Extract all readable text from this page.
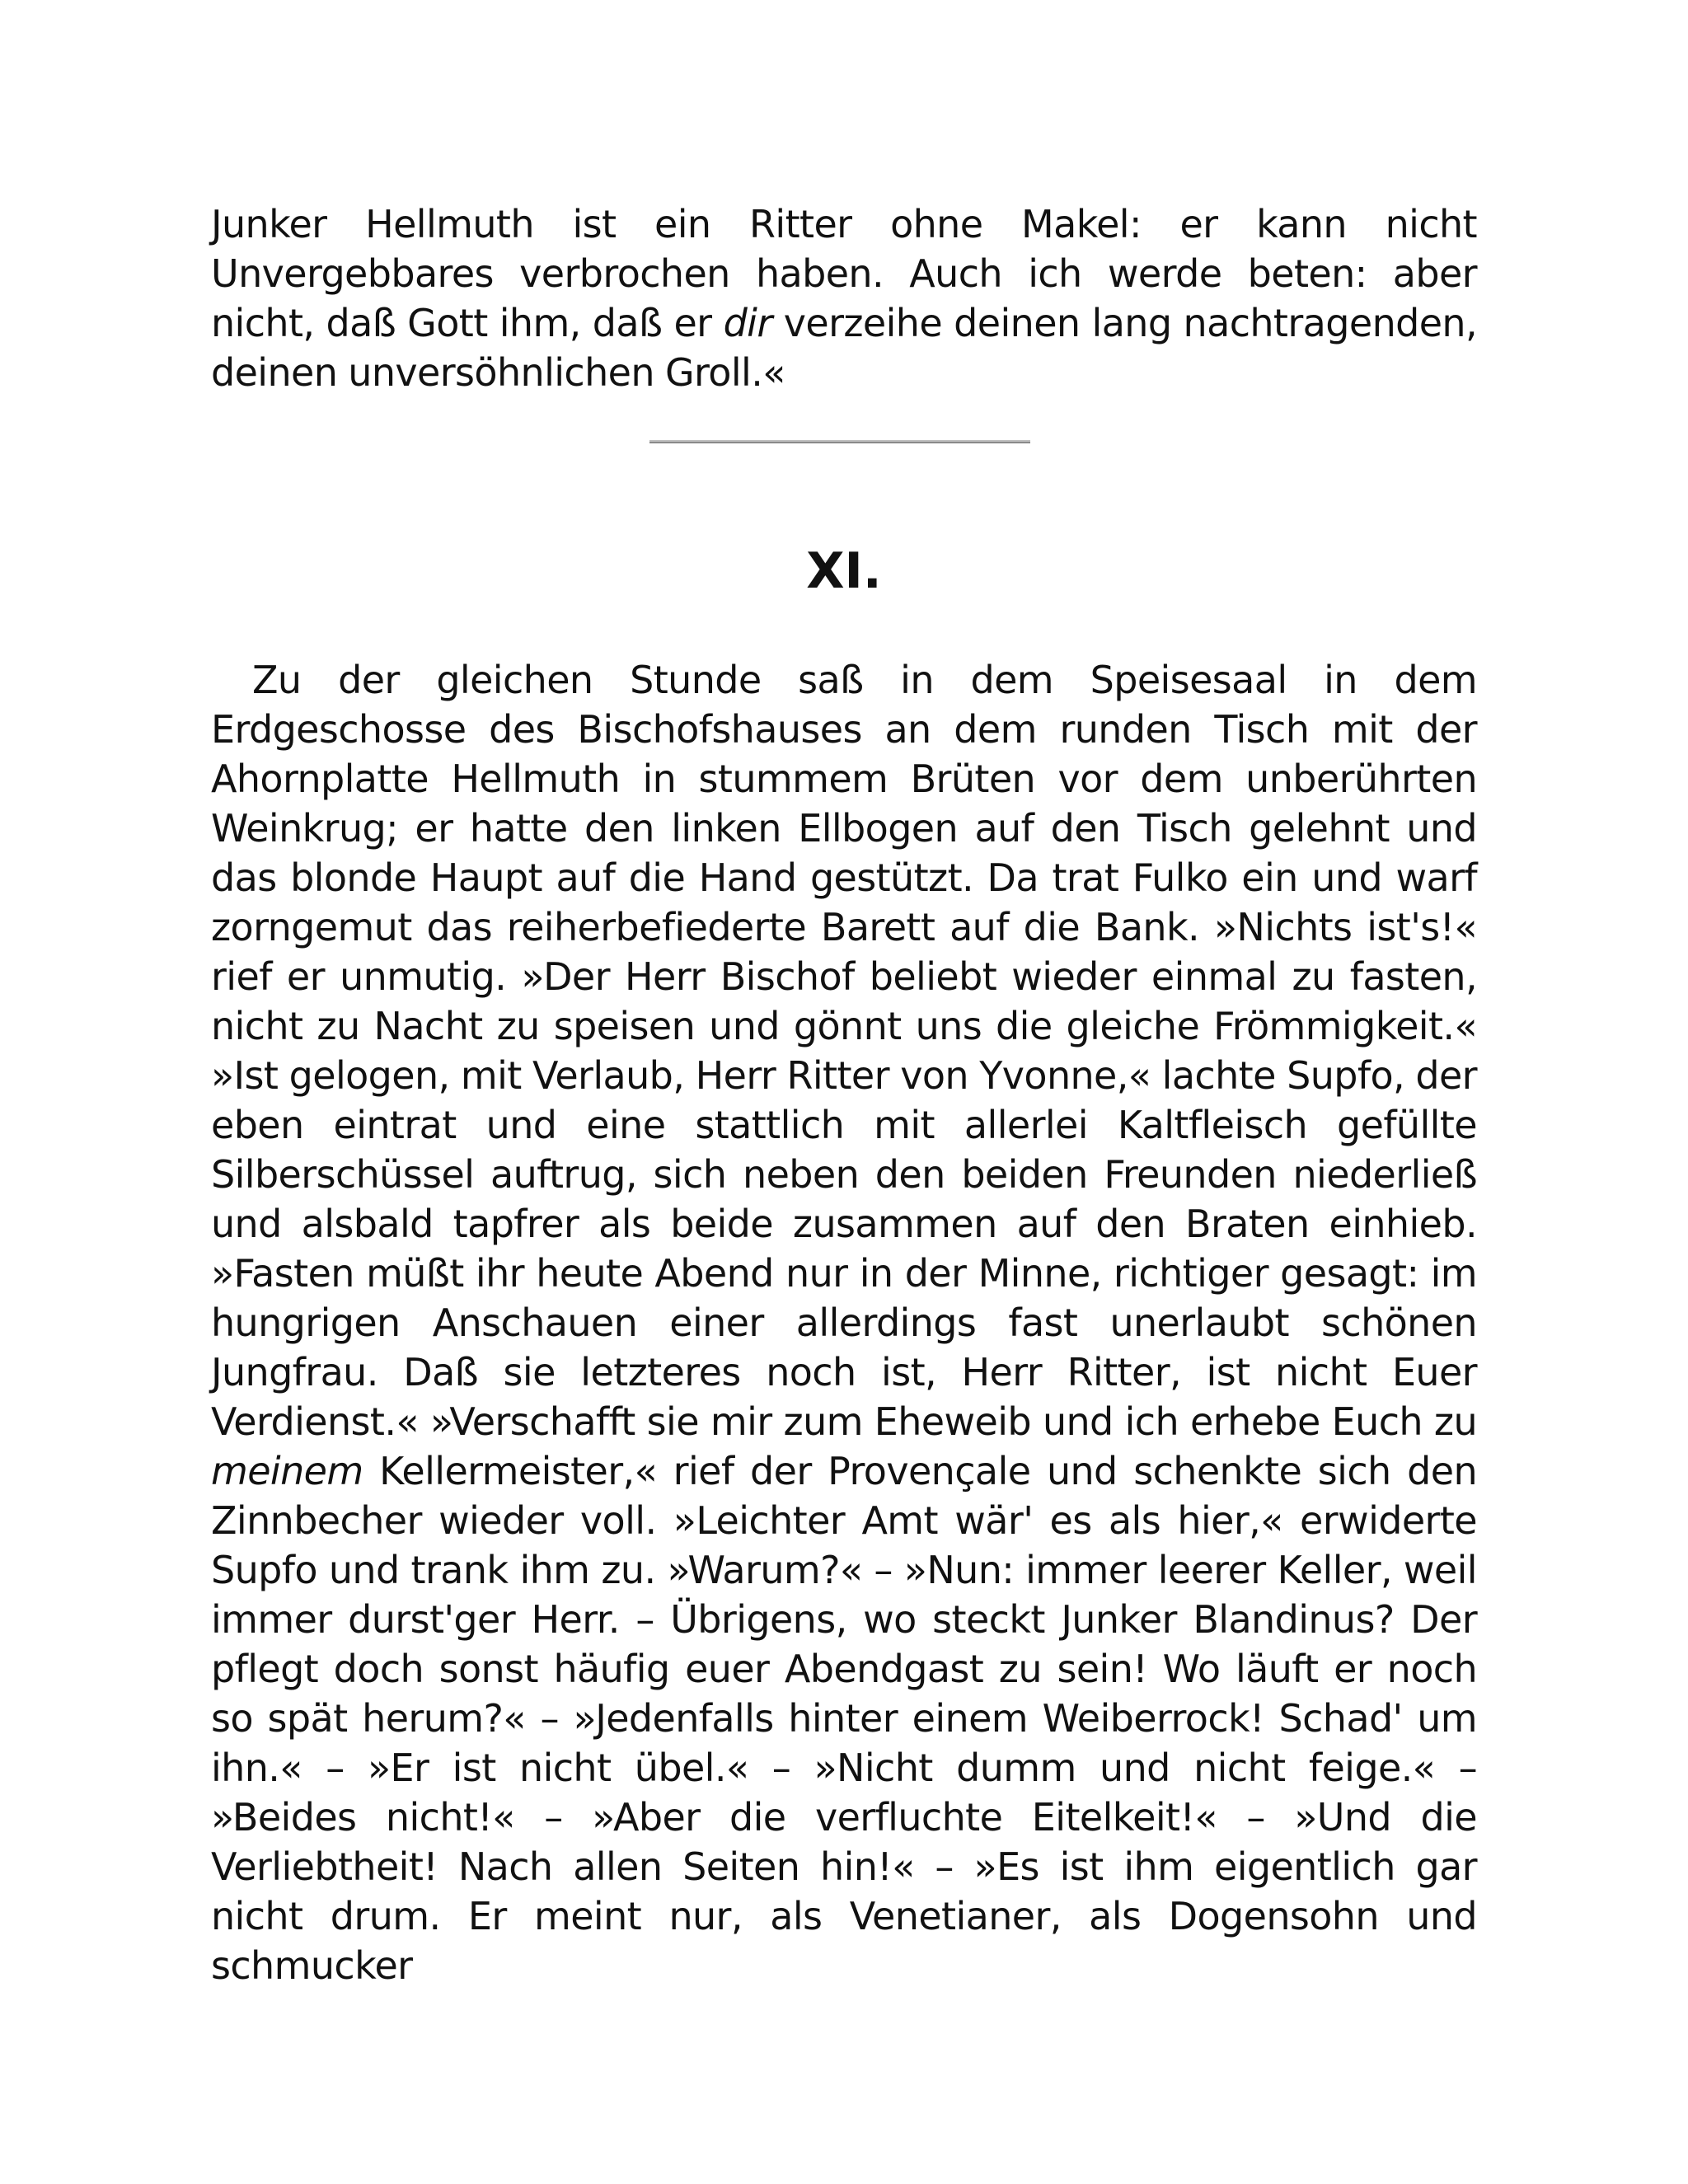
Junker Hellmuth ist ein Ritter ohne Makel: er kann nicht Unvergebbares verbrochen haben. Auch ich werde beten: aber nicht, daß Gott ihm, daß er dir verzeihe deinen lang nachtragenden, deinen unversöhnlichen Groll.«

XI.

Zu der gleichen Stunde saß in dem Speisesaal in dem Erdgeschosse des Bischofshauses an dem runden Tisch mit der Ahornplatte Hellmuth in stummem Brüten vor dem unberührten Weinkrug; er hatte den linken Ellbogen auf den Tisch gelehnt und das blonde Haupt auf die Hand gestützt. Da trat Fulko ein und warf zorngemut das reiherbefiederte Barett auf die Bank. »Nichts ist's!« rief er unmutig. »Der Herr Bischof beliebt wieder einmal zu fasten, nicht zu Nacht zu speisen und gönnt uns die gleiche Frömmigkeit.« »Ist gelogen, mit Verlaub, Herr Ritter von Yvonne,« lachte Supfo, der eben eintrat und eine stattlich mit allerlei Kaltfleisch gefüllte Silberschüssel auftrug, sich neben den beiden Freunden niederließ und alsbald tapfrer als beide zusammen auf den Braten einhieb. »Fasten müßt ihr heute Abend nur in der Minne, richtiger gesagt: im hungrigen Anschauen einer allerdings fast unerlaubt schönen Jungfrau. Daß sie letzteres noch ist, Herr Ritter, ist nicht Euer Verdienst.« »Verschafft sie mir zum Eheweib und ich erhebe Euch zu meinem Kellermeister,« rief der Provençale und schenkte sich den Zinnbecher wieder voll. »Leichter Amt wär' es als hier,« erwiderte Supfo und trank ihm zu. »Warum?« – »Nun: immer leerer Keller, weil immer durst'ger Herr. – Übrigens, wo steckt Junker Blandinus? Der pflegt doch sonst häufig euer Abendgast zu sein! Wo läuft er noch so spät herum?« – »Jedenfalls hinter einem Weiberrock! Schad' um ihn.« – »Er ist nicht übel.« – »Nicht dumm und nicht feige.« – »Beides nicht!« – »Aber die verfluchte Eitelkeit!« – »Und die Verliebtheit! Nach allen Seiten hin!« – »Es ist ihm eigentlich gar nicht drum. Er meint nur, als Venetianer, als Dogensohn und schmucker
